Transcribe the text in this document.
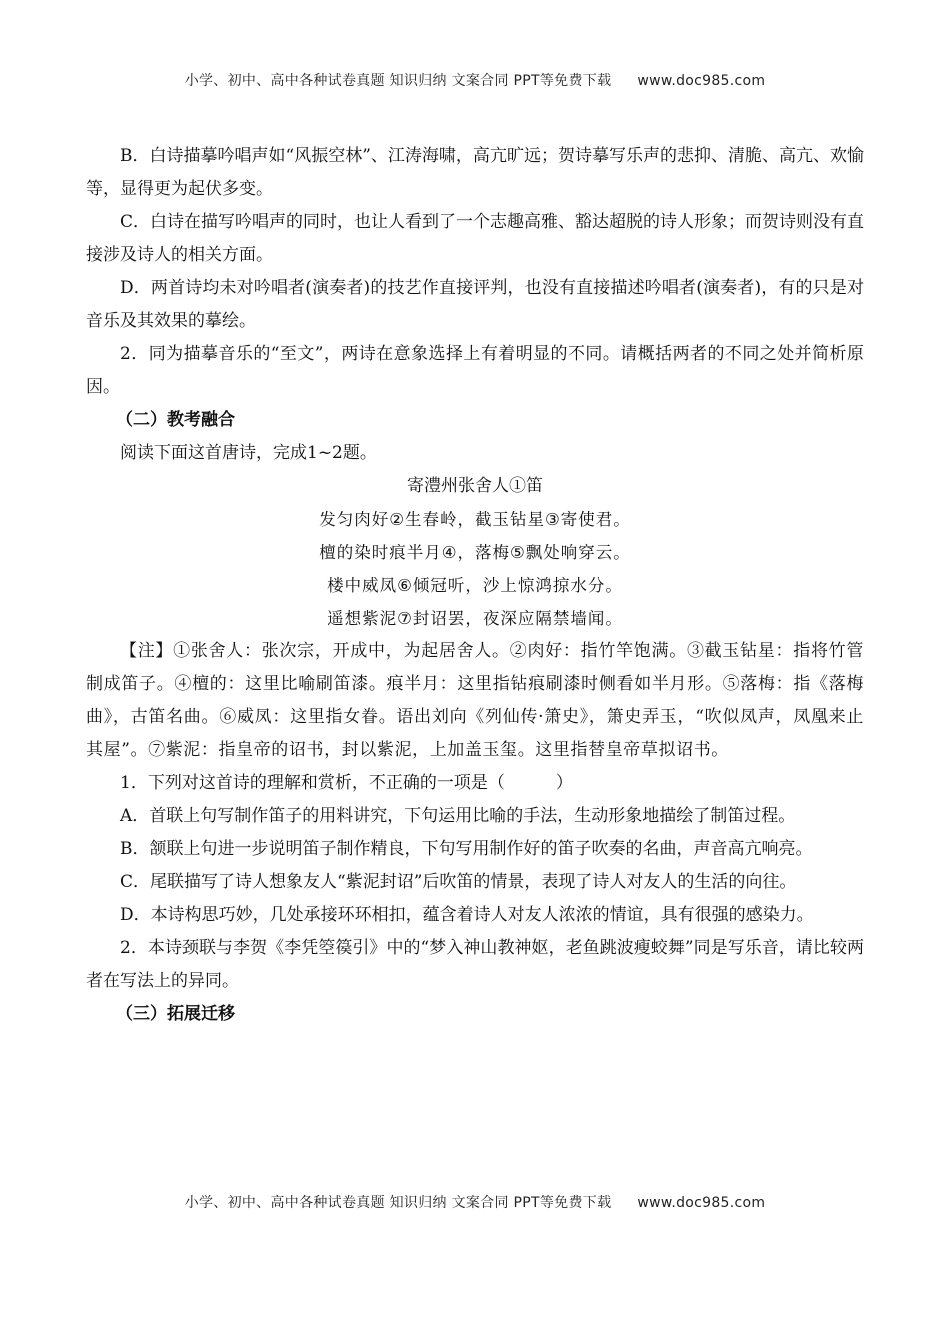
小学、初中、高中各种试卷真题 知识归纳 文案合同 PPT等免费下载 www.doc985.com

B．白诗描摹吟唱声如“风振空林”、江涛海啸，高亢旷远；贺诗摹写乐声的悲抑、清脆、高亢、欢愉等，显得更为起伏多变。

C．白诗在描写吟唱声的同时，也让人看到了一个志趣高雅、豁达超脱的诗人形象；而贺诗则没有直接涉及诗人的相关方面。

D．两首诗均未对吟唱者(演奏者)的技艺作直接评判，也没有直接描述吟唱者(演奏者)，有的只是对音乐及其效果的摹绘。

2．同为描摹音乐的“至文”，两诗在意象选择上有着明显的不同。请概括两者的不同之处并简析原因。

（二）教考融合

阅读下面这首唐诗，完成1~2题。

寄澧州张舍人①笛

发匀肉好②生春岭，截玉钻星③寄使君。

檀的染时痕半月④，落梅⑤飘处响穿云。

楼中威凤⑥倾冠听，沙上惊鸿掠水分。

遥想紫泥⑦封诏罢，夜深应隔禁墙闻。

【注】①张舍人：张次宗，开成中，为起居舍人。②肉好：指竹竿饱满。③截玉钻星：指将竹管制成笛子。④檀的：这里比喻刷笛漆。痕半月：这里指钻痕刷漆时侧看如半月形。⑤落梅：指《落梅曲》，古笛名曲。⑥威凤：这里指女眷。语出刘向《列仙传·箫史》，箫史弄玉，“吹似凤声，凤凰来止其屋”。⑦紫泥：指皇帝的诏书，封以紫泥，上加盖玉玺。这里指替皇帝草拟诏书。

1．下列对这首诗的理解和赏析，不正确的一项是（　　　）

A．首联上句写制作笛子的用料讲究，下句运用比喻的手法，生动形象地描绘了制笛过程。

B．颔联上句进一步说明笛子制作精良，下句写用制作好的笛子吹奏的名曲，声音高亢响亮。

C．尾联描写了诗人想象友人“紫泥封诏”后吹笛的情景，表现了诗人对友人的生活的向往。

D．本诗构思巧妙，几处承接环环相扣，蕴含着诗人对友人浓浓的情谊，具有很强的感染力。

2．本诗颈联与李贺《李凭箜篌引》中的“梦入神山教神妪，老鱼跳波瘦蛟舞”同是写乐音，请比较两者在写法上的异同。

（三）拓展迁移

小学、初中、高中各种试卷真题 知识归纳 文案合同 PPT等免费下载 www.doc985.com
